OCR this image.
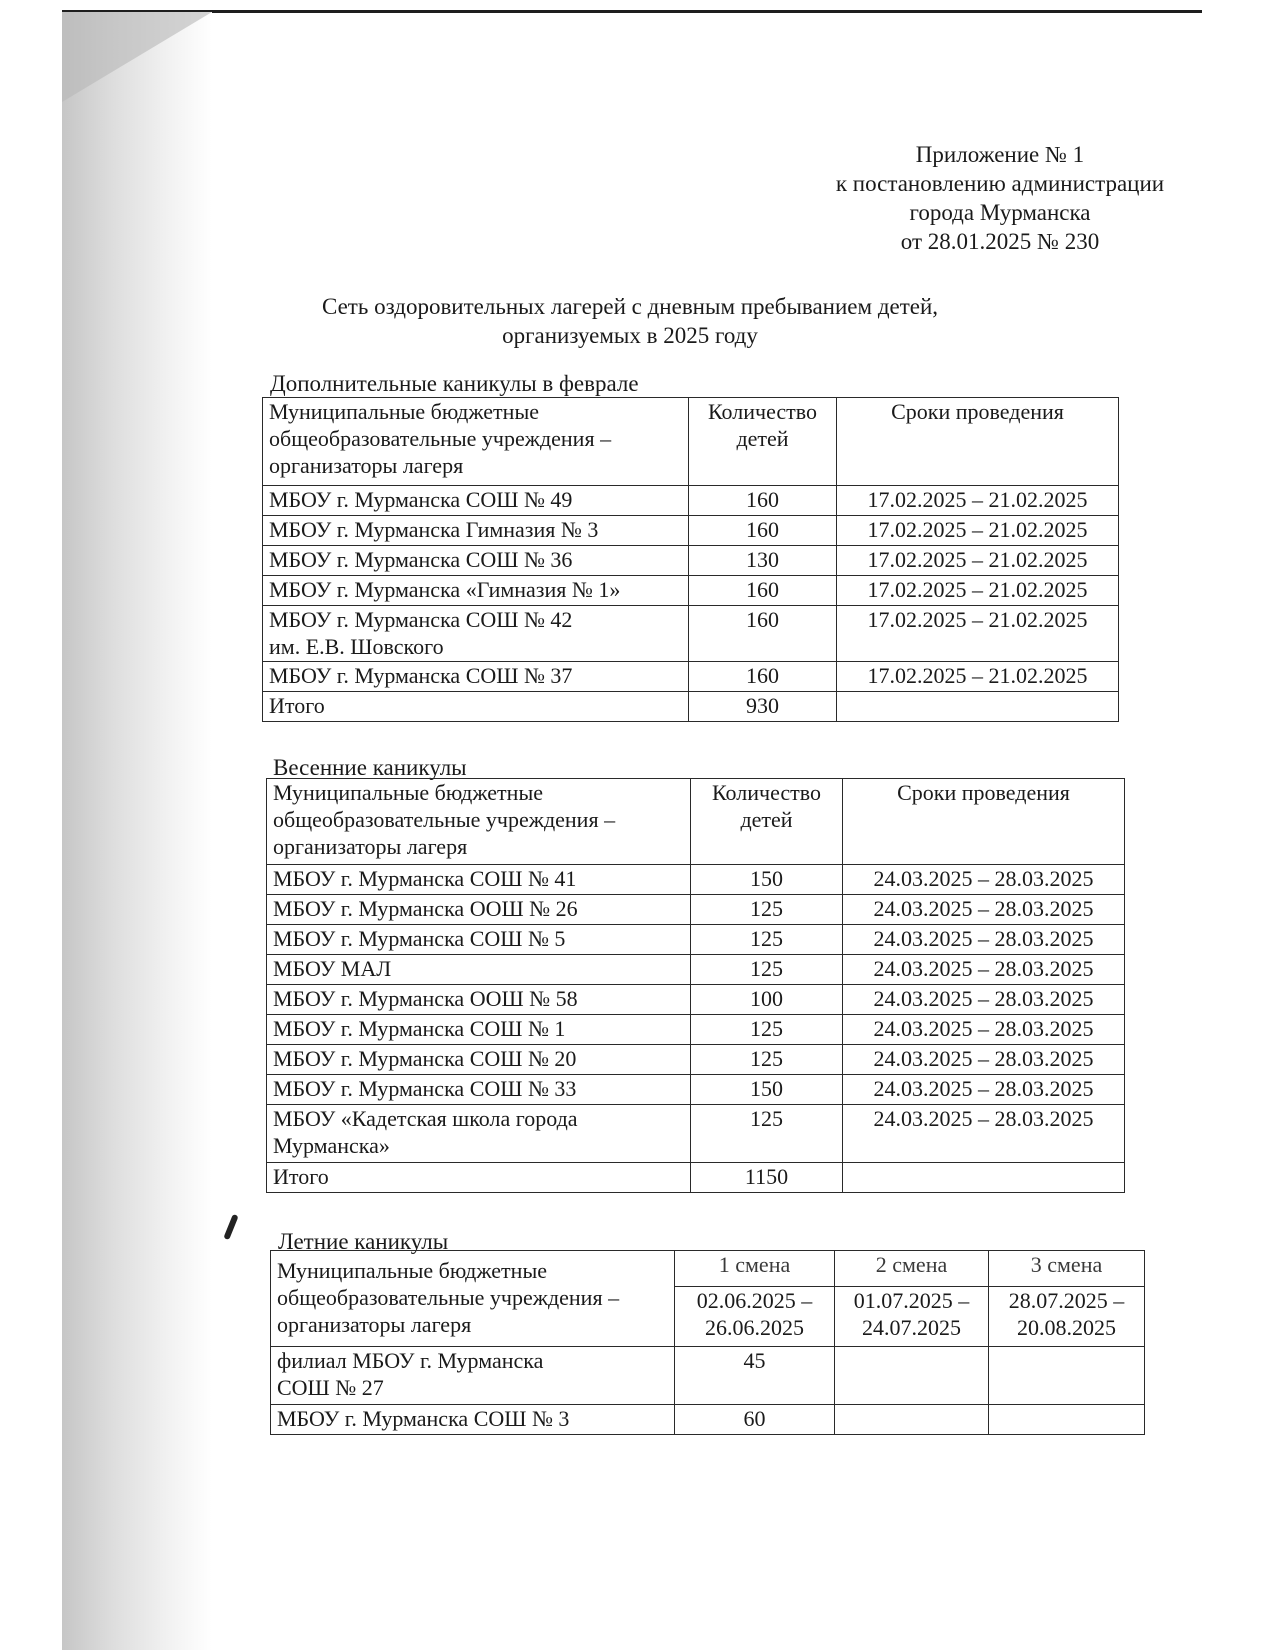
Приложение № 1
к постановлению администрации
города Мурманска
от 28.01.2025 № 230
Сеть оздоровительных лагерей с дневным пребыванием детей,
организуемых в 2025 году
Дополнительные каникулы в феврале
Муниципальные бюджетные общеобразовательные учреждения – организаторы лагеря	Количество детей	Сроки проведения
МБОУ г. Мурманска СОШ № 49	160	17.02.2025 – 21.02.2025
МБОУ г. Мурманска Гимназия № 3	160	17.02.2025 – 21.02.2025
МБОУ г. Мурманска СОШ № 36	130	17.02.2025 – 21.02.2025
МБОУ г. Мурманска «Гимназия № 1»	160	17.02.2025 – 21.02.2025

МБОУ г. Мурманска СОШ № 42
им. Е.В. Шовского	160	17.02.2025 – 21.02.2025
МБОУ г. Мурманска СОШ № 37	160	17.02.2025 – 21.02.2025
Итого	930	
Весенние каникулы
Муниципальные бюджетные общеобразовательные учреждения – организаторы лагеря	Количество детей	Сроки проведения
МБОУ г. Мурманска СОШ № 41	150	24.03.2025 – 28.03.2025
МБОУ г. Мурманска ООШ № 26	125	24.03.2025 – 28.03.2025
МБОУ г. Мурманска СОШ № 5	125	24.03.2025 – 28.03.2025
МБОУ МАЛ	125	24.03.2025 – 28.03.2025
МБОУ г. Мурманска ООШ № 58	100	24.03.2025 – 28.03.2025
МБОУ г. Мурманска СОШ № 1	125	24.03.2025 – 28.03.2025
МБОУ г. Мурманска СОШ № 20	125	24.03.2025 – 28.03.2025
МБОУ г. Мурманска СОШ № 33	150	24.03.2025 – 28.03.2025
МБОУ «Кадетская школа города Мурманска»	125	24.03.2025 – 28.03.2025
Итого	1150	
Летние каникулы
Муниципальные бюджетные общеобразовательные учреждения – организаторы лагеря	1 смена	2 смена	3 смена
	02.06.2025 – 26.06.2025	01.07.2025 – 24.07.2025	28.07.2025 – 20.08.2025

филиал МБОУ г. Мурманска
СОШ № 27	45		
МБОУ г. Мурманска СОШ № 3	60		
